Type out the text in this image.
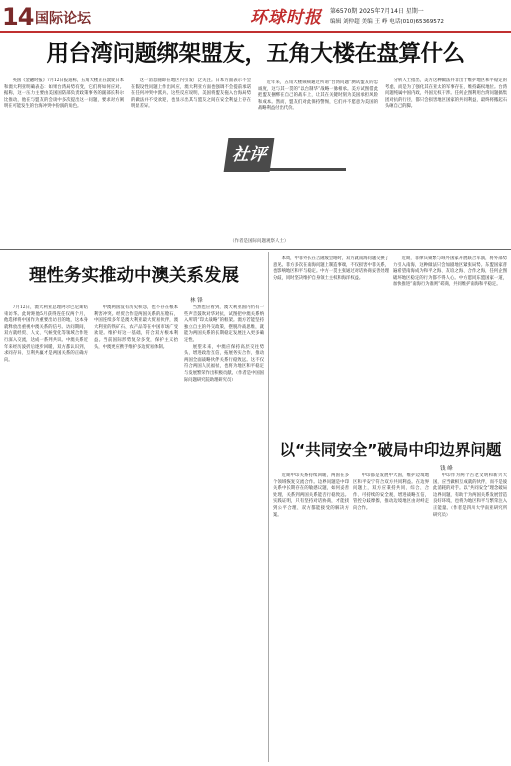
14 国际论坛	环球时报 第6570期 2025年7月14日 星期一
编辑 刘仲超 美编 王 峥 电话(010)65369572
用台湾问题绑架盟友，五角大楼在盘算什么

英国《金融时报》7月12日报道称，五角大楼正在敦促日本和澳大利亚明确表态：如果台湾局势有变，它们将如何应对。据称，这一压力主要由美国国防部负责政策事务的副部长科尔比推动，他在与盟友的会谈中多次提出这一问题，要求对方阐明在可能发生的台海冲突中扮演的角色。

这一消息随即在地区内引发广泛关注。日本方面表示不会在假设性问题上作出回应，澳大利亚方面也强调不会提前承诺在任何冲突中派兵。这些反应说明，美国将盟友拖入台海局势的做法并不受欢迎，也显示出其与盟友之间在安全利益上存在明显差异。

近年来，五角大楼频频通过所谓“台湾问题”测试盟友的忠诚度，这与其一贯的“以台制华”战略一脉相承。美方试图借此把盟友捆绑在自己的战车上，让其在关键时刻为美国承担风险和成本。然而，盟友们对此保持警惕，它们并不愿意为美国的战略利益付出代价。

分析人士指出，美方这种做法并非出于维护地区和平稳定的考虑，而是为了强化其在亚太的军事存在，维持霸权地位。台湾问题纯属中国内政，外国无权干涉。任何企图利用台湾问题搞集团对抗的行径，都只会损害地区国家的共同利益，最终将搬起石头砸自己的脚。

社评
（作者是国际问题观察人士）
理性务实推动中澳关系发展
林 锋

7月12日，澳大利亚总理阿尔巴尼斯结束访华。此时距他5月获得连任仅两个月，他选择将中国作为重要出访目的地，这本身就释放出重视中澳关系的信号。访问期间，双方就经贸、人文、气候变化等领域合作进行深入交流，达成一系列共识。中澳关系近年来经历波折后逐步回暖，双方都认识到，求同存异、互利共赢才是两国关系的正确方向。

中澳两国没有历史积怨，也不存在根本利害冲突。经贸合作是两国关系的压舱石，中国连续多年是澳大利亚最大贸易伙伴，澳大利亚的铁矿石、农产品等在中国市场广受欢迎。维护好这一基础，符合双方根本利益。当前国际形势复杂多变，保护主义抬头，中澳更应携手维护多边贸易体制。

当然也应看到，澳大利亚国内仍有一些声音鼓吹对华对抗，试图把中澳关系纳入所谓“印太战略”的框架。澳方若能坚持独立自主的外交政策，摆脱冷战思维，就能为两国关系的长期稳定发展注入更多确定性。

展望未来，中澳应保持高层交往势头，增进政治互信，拓展务实合作，推动两国全面战略伙伴关系行稳致远。这不仅符合两国人民福祉，也将为地区和平稳定与发展繁荣作出积极贡献。（作者是中国国际问题研究院助理研究员）

本周，中菲外长在吉隆坡会晤时，双方就南海问题交换了意见。菲方多次在南海问题上制造事端，不仅损害中菲关系，也影响地区和平与稳定。中方一贯主张通过对话协商妥善处理分歧，同时坚决维护自身领土主权和海洋权益。

近期，菲律宾频繁与域外国家开展联合军演，将外部势力引入南海，这种做法只会加剧地区紧张局势。东盟国家普遍希望南海成为和平之海、友谊之海、合作之海，任何企图破坏地区稳定的行为都不得人心。中方愿同东盟国家一道，加快推进“南海行为准则”磋商，共同维护南海和平稳定。

以“共同安全”破局中印边界问题
钱 峰

近期中印关系持续回暖，两国在多个领域恢复交流合作。边界问题是中印关系中长期存在的敏感议题，如何妥善处理，关系到两国关系能否行稳致远。实践证明，只有坚持对话协商，才能找到公平合理、双方都能接受的解决方案。

中印都是发展中大国，维护边境地区和平安宁符合双方共同利益。在边界问题上，双方应秉持共同、综合、合作、可持续的安全观，增进战略互信，管控分歧摩擦，推动边境地区由对峙走向合作。

中印作为两个古老文明和新兴大国，应当做相互成就的伙伴，而不是彼此消耗的对手。以“共同安全”理念破局边界问题，有助于为两国关系发展营造良好环境，也将为地区和平与繁荣注入正能量。（作者是四川大学南亚研究所研究员）
